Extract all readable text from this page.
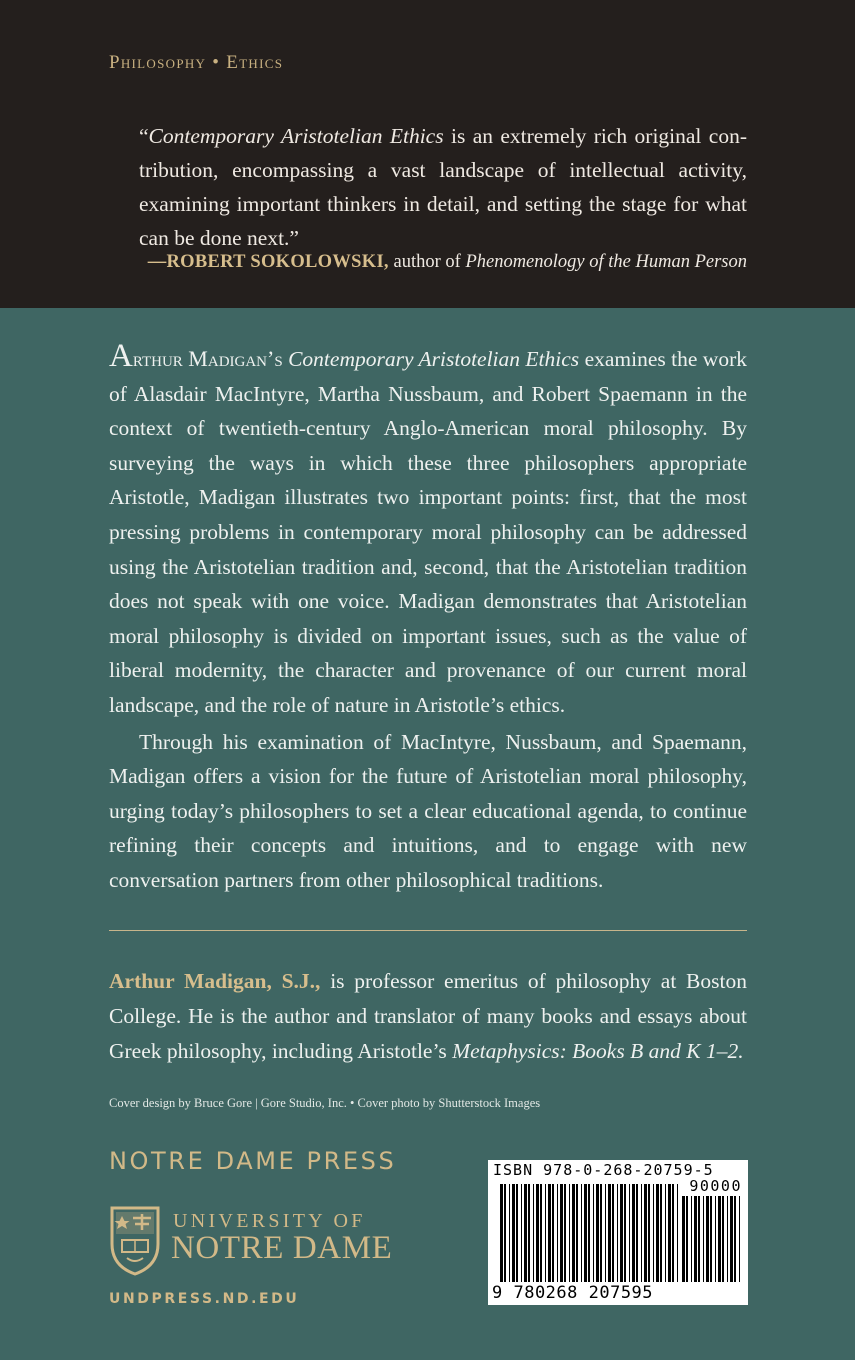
Philosophy • Ethics

“Contemporary Aristotelian Ethics is an extremely rich original contribution, encompassing a vast landscape of intellectual activity, examining important thinkers in detail, and setting the stage for what can be done next.”

—ROBERT SOKOLOWSKI, author of Phenomenology of the Human Person

Arthur Madigan’s Contemporary Aristotelian Ethics examines the work of Alasdair MacIntyre, Martha Nussbaum, and Robert Spaemann in the context of twentieth-century Anglo-American moral philosophy. By surveying the ways in which these three philosophers appropriate Aristotle, Madigan illustrates two important points: first, that the most pressing problems in contemporary moral philosophy can be addressed using the Aristotelian tradition and, second, that the Aristotelian tradition does not speak with one voice. Madigan demonstrates that Aristotelian moral philosophy is divided on important issues, such as the value of liberal modernity, the character and provenance of our current moral landscape, and the role of nature in Aristotle’s ethics.

Through his examination of MacIntyre, Nussbaum, and Spaemann, Madigan offers a vision for the future of Aristotelian moral philosophy, urging today’s philosophers to set a clear educational agenda, to continue refining their concepts and intuitions, and to engage with new conversation partners from other philosophical traditions.

Arthur Madigan, S.J., is professor emeritus of philosophy at Boston College. He is the author and translator of many books and essays about Greek philosophy, including Aristotle’s Metaphysics: Books B and K 1–2.

Cover design by Bruce Gore | Gore Studio, Inc. • Cover photo by Shutterstock Images
NOTRE DAME PRESS
UNIVERSITY OF
NOTRE DAME
UNDPRESS.ND.EDU
ISBN 978-0-268-20759-5
90000
9 780268 207595
